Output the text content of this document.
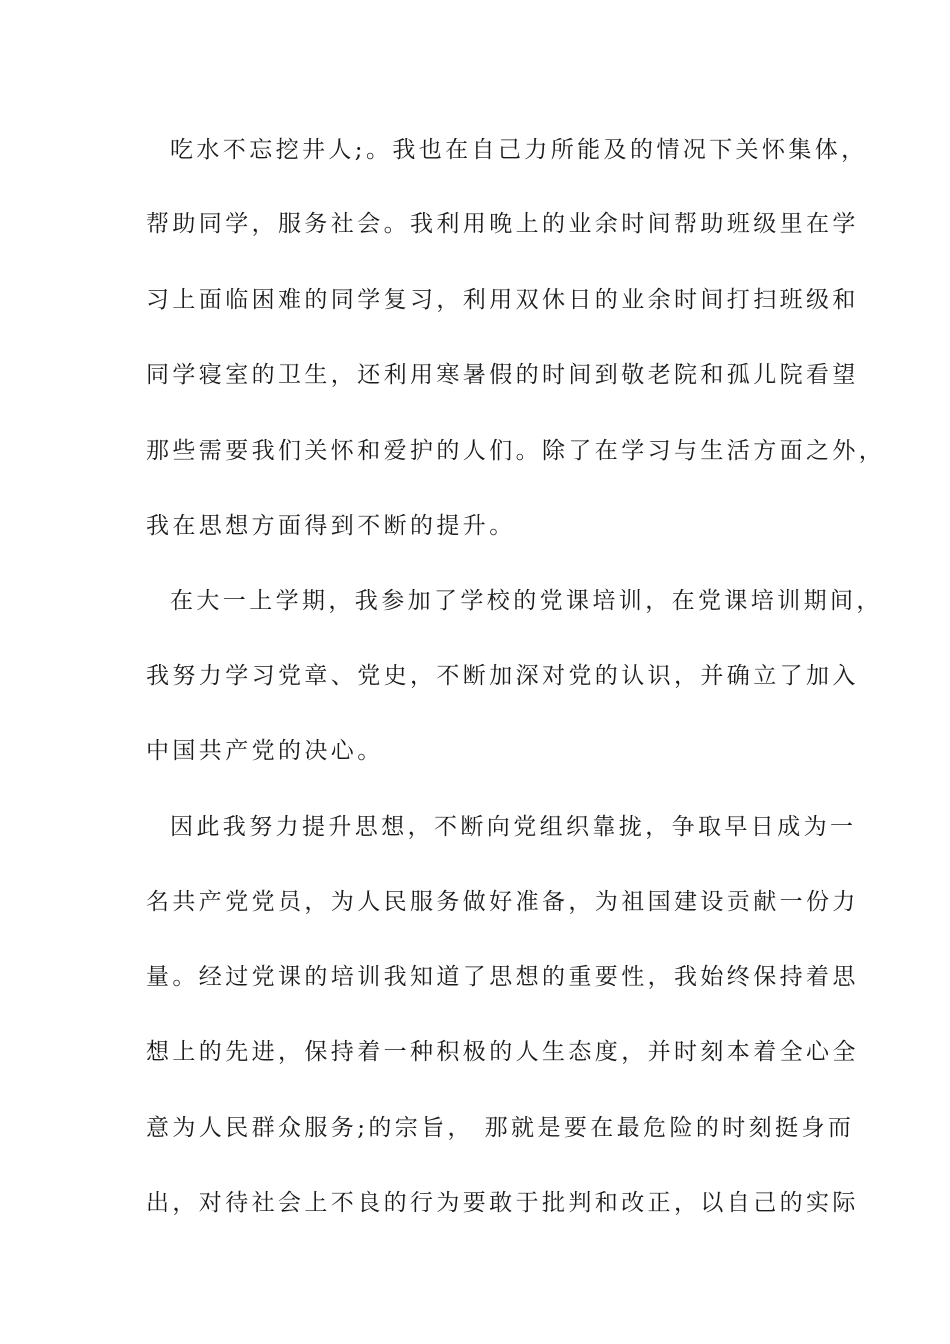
吃水不忘挖井人;。我也在自己力所能及的情况下关怀集体，
帮助同学，服务社会。我利用晚上的业余时间帮助班级里在学
习上面临困难的同学复习，利用双休日的业余时间打扫班级和
同学寝室的卫生，还利用寒暑假的时间到敬老院和孤儿院看望
那些需要我们关怀和爱护的人们。除了在学习与生活方面之外，
我在思想方面得到不断的提升。
在大一上学期，我参加了学校的党课培训，在党课培训期间，
我努力学习党章、党史，不断加深对党的认识，并确立了加入
中国共产党的决心。
因此我努力提升思想，不断向党组织靠拢，争取早日成为一
名共产党党员，为人民服务做好准备，为祖国建设贡献一份力
量。经过党课的培训我知道了思想的重要性，我始终保持着思
想上的先进，保持着一种积极的人生态度，并时刻本着全心全
意为人民群众服务;的宗旨， 那就是要在最危险的时刻挺身而
出，对待社会上不良的行为要敢于批判和改正，以自己的实际
